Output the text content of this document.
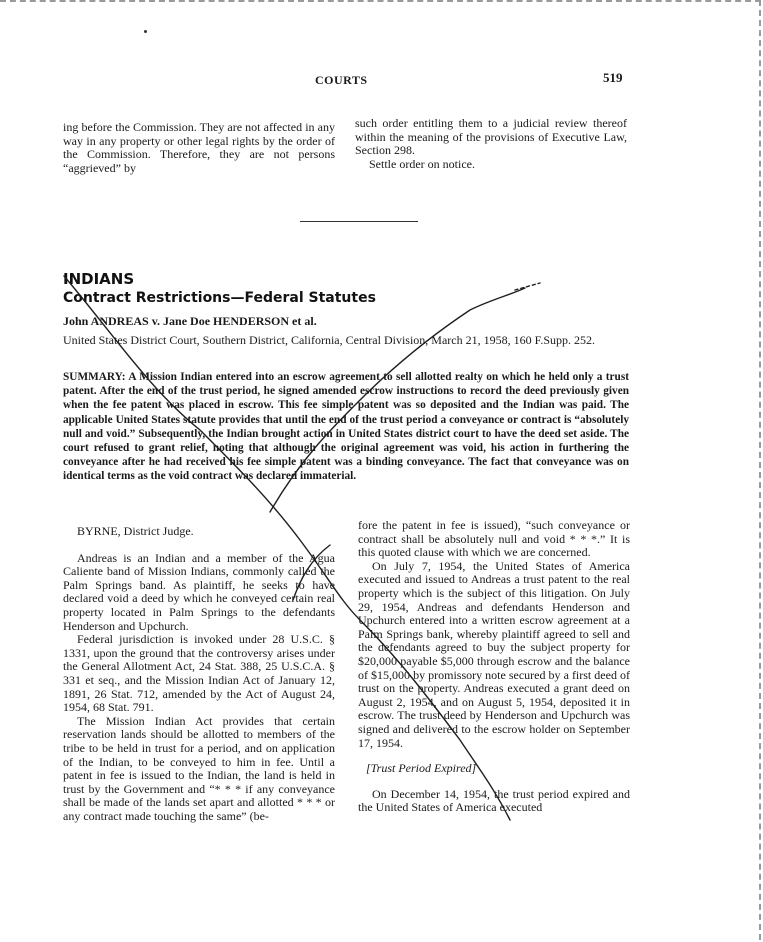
COURTS	519

ing before the Commission. They are not affected in any way in any property or other legal rights by the order of the Commission. Therefore, they are not persons “aggrieved” by

such order entitling them to a judicial review thereof within the meaning of the provisions of Executive Law, Section 298.

Settle order on notice.

INDIANS
Contract Restrictions—Federal Statutes
John ANDREAS v. Jane Doe HENDERSON et al.
United States District Court, Southern District, California, Central Division, March 21, 1958, 160 F.Supp. 252.
SUMMARY: A Mission Indian entered into an escrow agreement to sell allotted realty on which he held only a trust patent. After the end of the trust period, he signed amended escrow instructions to record the deed previously given when the fee patent was placed in escrow. This fee simple patent was so deposited and the Indian was paid. The applicable United States statute provides that until the end of the trust period a conveyance or contract is “absolutely null and void.” Subsequently, the Indian brought action in United States district court to have the deed set aside. The court refused to grant relief, noting that although the original agreement was void, his action in furthering the conveyance after he had received his fee simple patent was a binding conveyance. The fact that conveyance was on identical terms as the void contract was declared immaterial.

BYRNE, District Judge.

Andreas is an Indian and a member of the Agua Caliente band of Mission Indians, commonly called the Palm Springs band. As plaintiff, he seeks to have declared void a deed by which he conveyed certain real property located in Palm Springs to the defendants Henderson and Upchurch.

Federal jurisdiction is invoked under 28 U.S.C. § 1331, upon the ground that the controversy arises under the General Allotment Act, 24 Stat. 388, 25 U.S.C.A. § 331 et seq., and the Mission Indian Act of January 12, 1891, 26 Stat. 712, amended by the Act of August 24, 1954, 68 Stat. 791.

The Mission Indian Act provides that certain reservation lands should be allotted to members of the tribe to be held in trust for a period, and on application of the Indian, to be conveyed to him in fee. Until a patent in fee is issued to the Indian, the land is held in trust by the Government and “* * * if any conveyance shall be made of the lands set apart and allotted * * * or any contract made touching the same” (be-

fore the patent in fee is issued), “such conveyance or contract shall be absolutely null and void * * *.” It is this quoted clause with which we are concerned.

On July 7, 1954, the United States of America executed and issued to Andreas a trust patent to the real property which is the subject of this litigation. On July 29, 1954, Andreas and defendants Henderson and Upchurch entered into a written escrow agreement at a Palm Springs bank, whereby plaintiff agreed to sell and the defendants agreed to buy the subject property for $20,000 payable $5,000 through escrow and the balance of $15,000 by promissory note secured by a first deed of trust on the property. Andreas executed a grant deed on August 2, 1954, and on August 5, 1954, deposited it in escrow. The trust deed by Henderson and Upchurch was signed and delivered to the escrow holder on September 17, 1954.

[Trust Period Expired]

On December 14, 1954, the trust period expired and the United States of America executed
